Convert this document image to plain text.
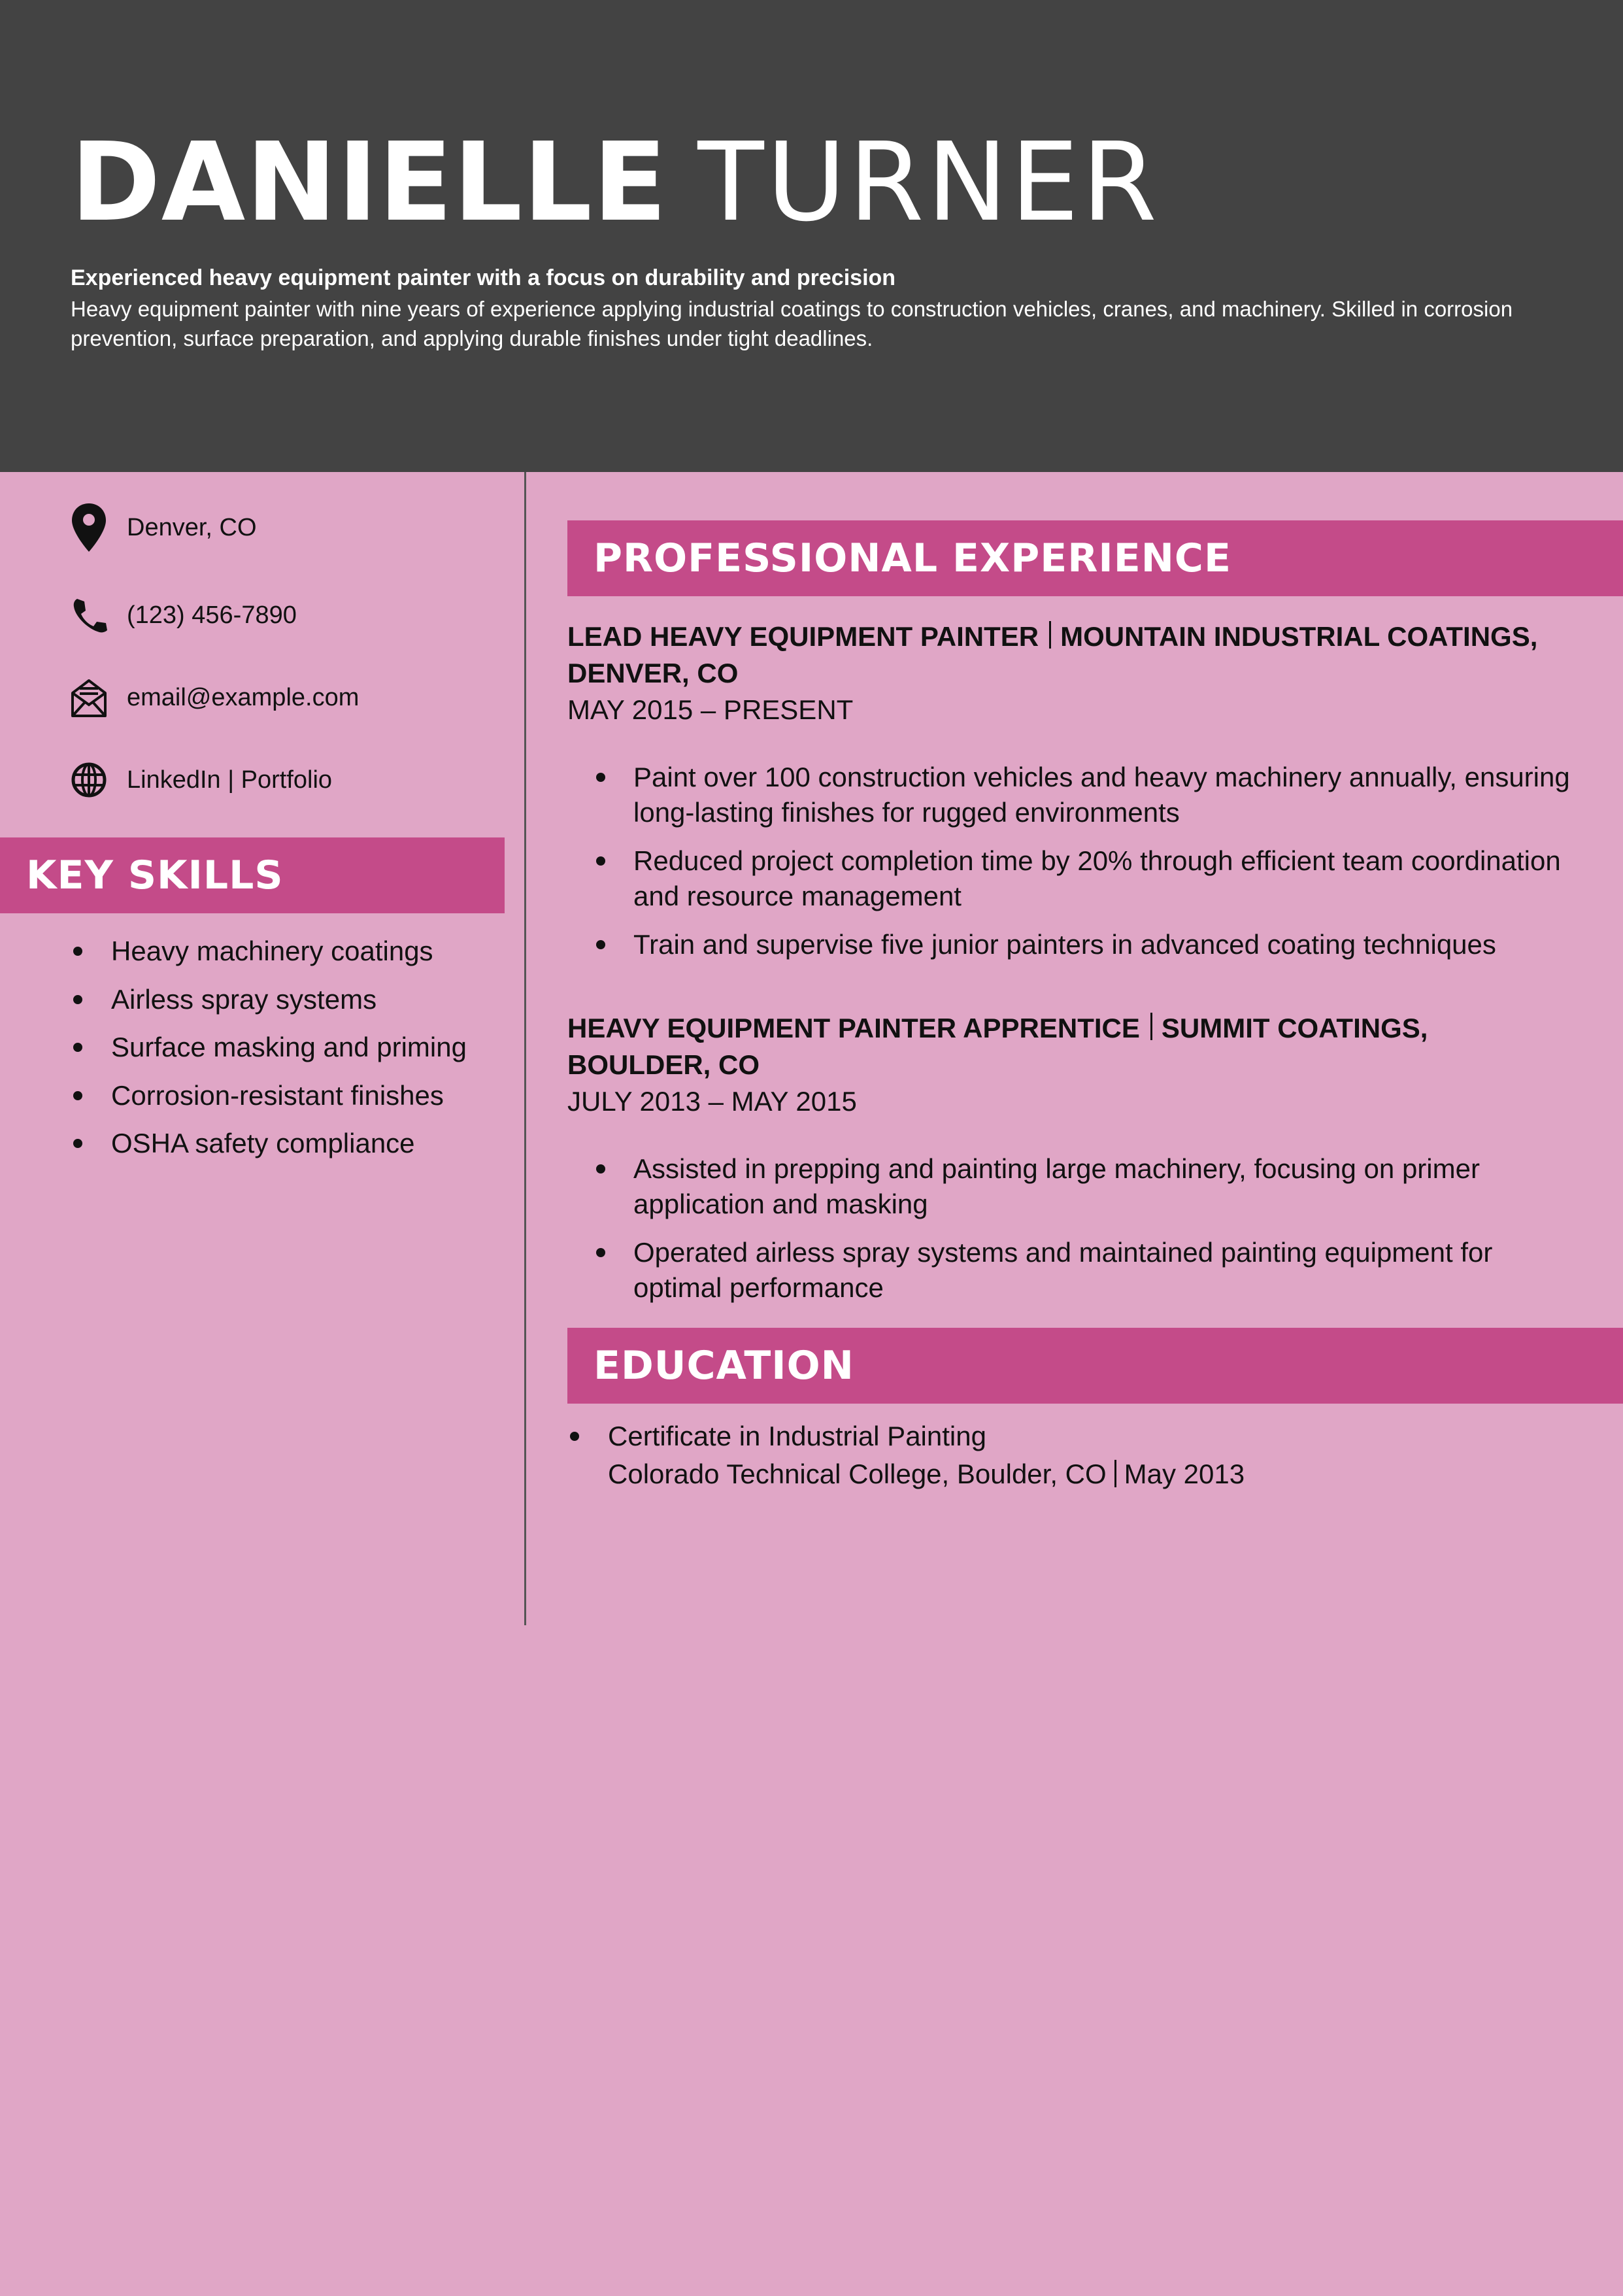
DANIELLE TURNER
Experienced heavy equipment painter with a focus on durability and precision
Heavy equipment painter with nine years of experience applying industrial coatings to construction vehicles, cranes, and machinery. Skilled in corrosion prevention, surface preparation, and applying durable finishes under tight deadlines.
Denver, CO
(123) 456-7890
email@example.com
LinkedIn | Portfolio
KEY SKILLS
Heavy machinery coatings
Airless spray systems
Surface masking and priming
Corrosion-resistant finishes
OSHA safety compliance
PROFESSIONAL EXPERIENCE
LEAD HEAVY EQUIPMENT PAINTER MOUNTAIN INDUSTRIAL COATINGS, DENVER, CO
MAY 2015 – PRESENT
Paint over 100 construction vehicles and heavy machinery annually, ensuring long-lasting finishes for rugged environments
Reduced project completion time by 20% through efficient team coordination and resource management
Train and supervise five junior painters in advanced coating techniques
HEAVY EQUIPMENT PAINTER APPRENTICE SUMMIT COATINGS, BOULDER, CO
JULY 2013 – MAY 2015
Assisted in prepping and painting large machinery, focusing on primer application and masking
Operated airless spray systems and maintained painting equipment for optimal performance
EDUCATION
Certificate in Industrial Painting
Colorado Technical College, Boulder, CO May 2013
